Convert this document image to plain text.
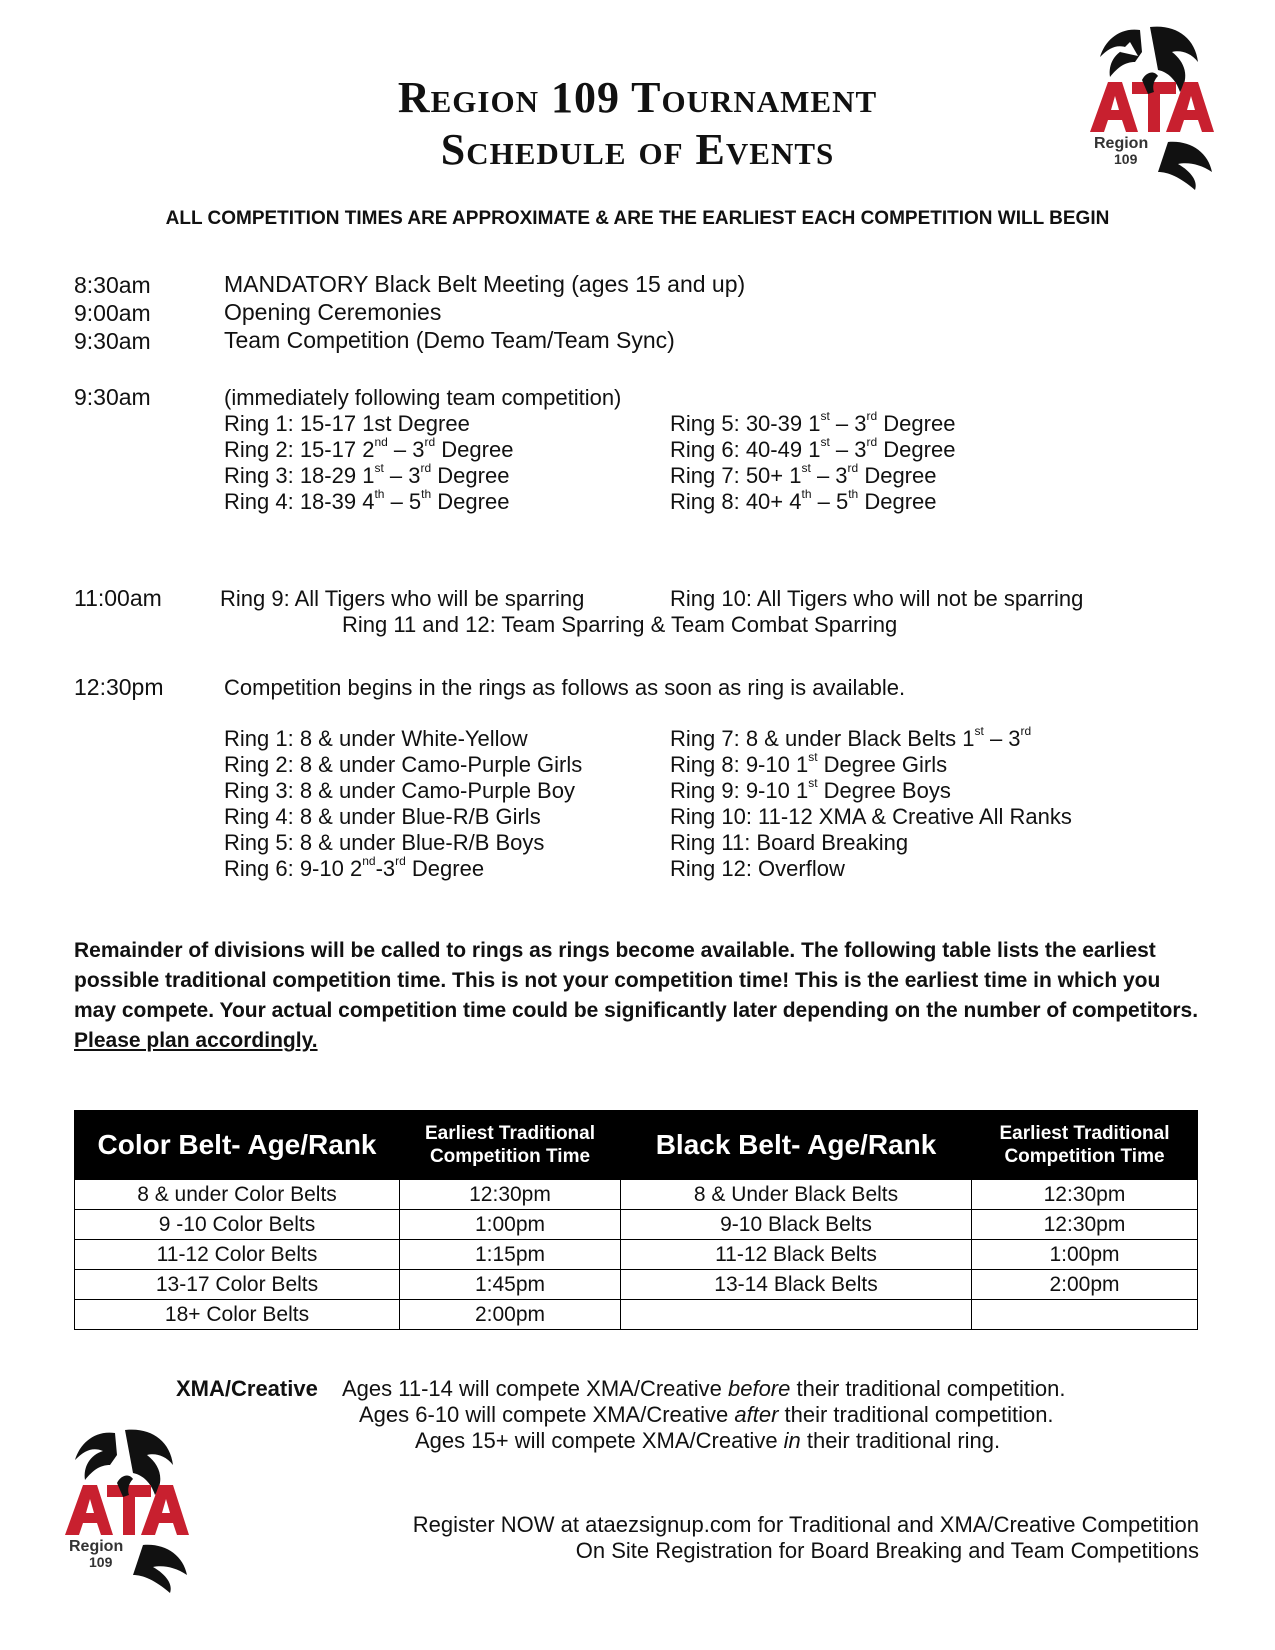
Region
109
Region 109 Tournament
Schedule of Events
ALL COMPETITION TIMES ARE APPROXIMATE & ARE THE EARLIEST EACH COMPETITION WILL BEGIN
8:30am	MANDATORY Black Belt Meeting (ages 15 and up)
9:00am	Opening Ceremonies
9:30am	Team Competition (Demo Team/Team Sync)
9:30am	(immediately following team competition)
Ring 1: 15-17 1st Degree
Ring 2: 15-17 2nd – 3rd Degree
Ring 3: 18-29 1st – 3rd Degree
Ring 4: 18-39 4th – 5th Degree
Ring 5: 30-39 1st – 3rd Degree
Ring 6: 40-49 1st – 3rd Degree
Ring 7: 50+ 1st – 3rd Degree
Ring 8: 40+ 4th – 5th Degree
11:00am	Ring 9: All Tigers who will be sparring	Ring 10: All Tigers who will not be sparring
Ring 11 and 12: Team Sparring & Team Combat Sparring
12:30pm	Competition begins in the rings as follows as soon as ring is available.
Ring 1: 8 & under White-Yellow
Ring 2: 8 & under Camo-Purple Girls
Ring 3: 8 & under Camo-Purple Boy
Ring 4: 8 & under Blue-R/B Girls
Ring 5: 8 & under Blue-R/B Boys
Ring 6: 9-10 2nd-3rd Degree
Ring 7: 8 & under Black Belts 1st – 3rd
Ring 8: 9-10 1st Degree Girls
Ring 9: 9-10 1st Degree Boys
Ring 10: 11-12 XMA & Creative All Ranks
Ring 11: Board Breaking
Ring 12: Overflow
Remainder of divisions will be called to rings as rings become available. The following table lists the earliest possible traditional competition time. This is not your competition time! This is the earliest time in which you may compete. Your actual competition time could be significantly later depending on the number of competitors. Please plan accordingly.
Color Belt- Age/Rank	Earliest Traditional Competition Time	Black Belt- Age/Rank	Earliest Traditional Competition Time
8 & under Color Belts	12:30pm	8 & Under Black Belts	12:30pm
9 -10 Color Belts	1:00pm	9-10 Black Belts	12:30pm
11-12 Color Belts	1:15pm	11-12 Black Belts	1:00pm
13-17 Color Belts	1:45pm	13-14 Black Belts	2:00pm
18+ Color Belts	2:00pm		
XMA/Creative Ages 11-14 will compete XMA/Creative before their traditional competition.
Ages 6-10 will compete XMA/Creative after their traditional competition.
Ages 15+ will compete XMA/Creative in their traditional ring.
Region
109
Register NOW at ataezsignup.com for Traditional and XMA/Creative Competition
On Site Registration for Board Breaking and Team Competitions
